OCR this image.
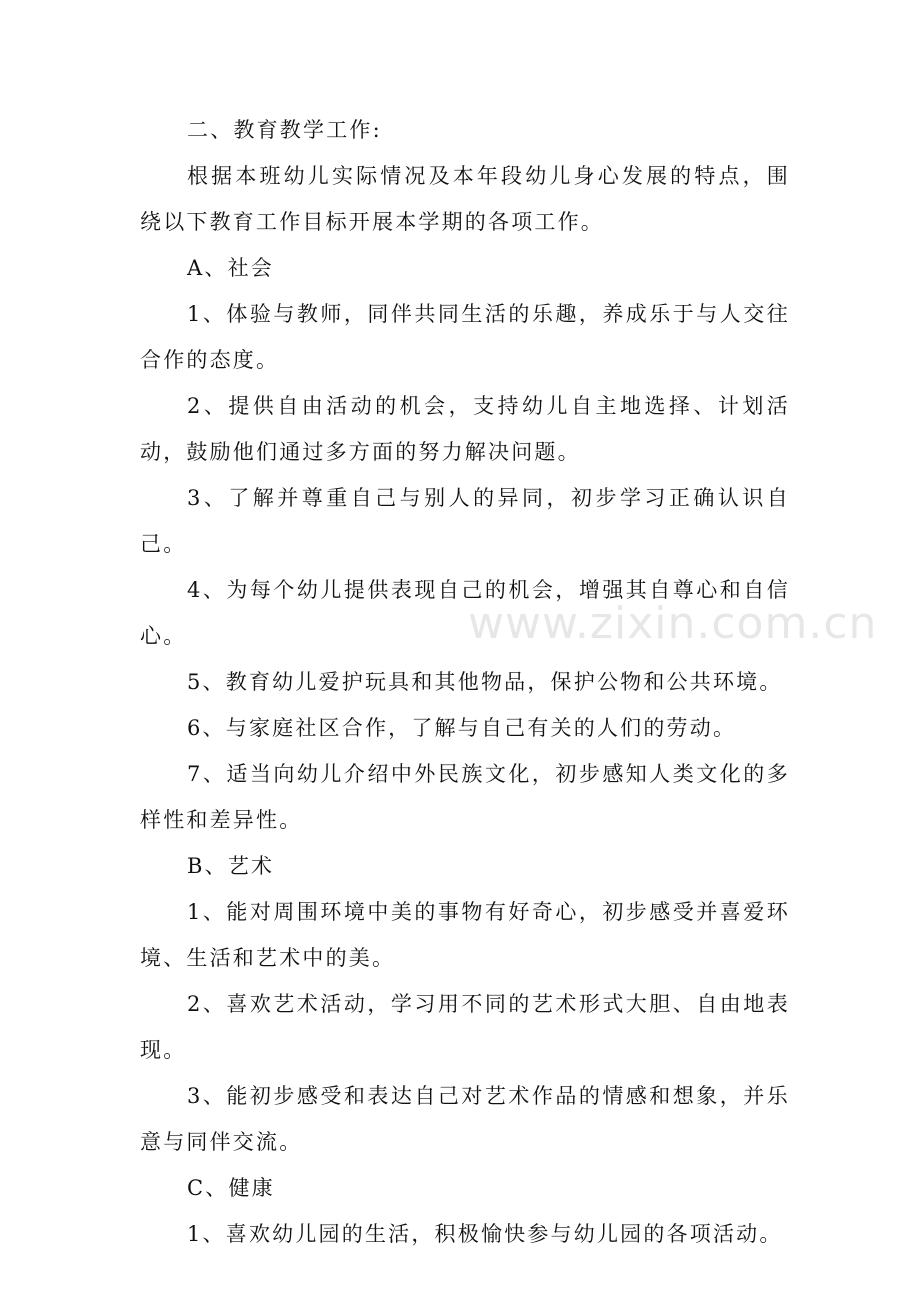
二、教育教学工作:

根据本班幼儿实际情况及本年段幼儿身心发展的特点，围绕以下教育工作目标开展本学期的各项工作。

A、社会

1、体验与教师，同伴共同生活的乐趣，养成乐于与人交往合作的态度。

2、提供自由活动的机会，支持幼儿自主地选择、计划活动，鼓励他们通过多方面的努力解决问题。

3、了解并尊重自己与别人的异同，初步学习正确认识自己。

4、为每个幼儿提供表现自己的机会，增强其自尊心和自信心。

5、教育幼儿爱护玩具和其他物品，保护公物和公共环境。

6、与家庭社区合作，了解与自己有关的人们的劳动。

7、适当向幼儿介绍中外民族文化，初步感知人类文化的多样性和差异性。

B、艺术

1、能对周围环境中美的事物有好奇心，初步感受并喜爱环境、生活和艺术中的美。

2、喜欢艺术活动，学习用不同的艺术形式大胆、自由地表现。

3、能初步感受和表达自己对艺术作品的情感和想象，并乐意与同伴交流。

C、健康

1、喜欢幼儿园的生活，积极愉快参与幼儿园的各项活动。

www.zixin.com.cn
